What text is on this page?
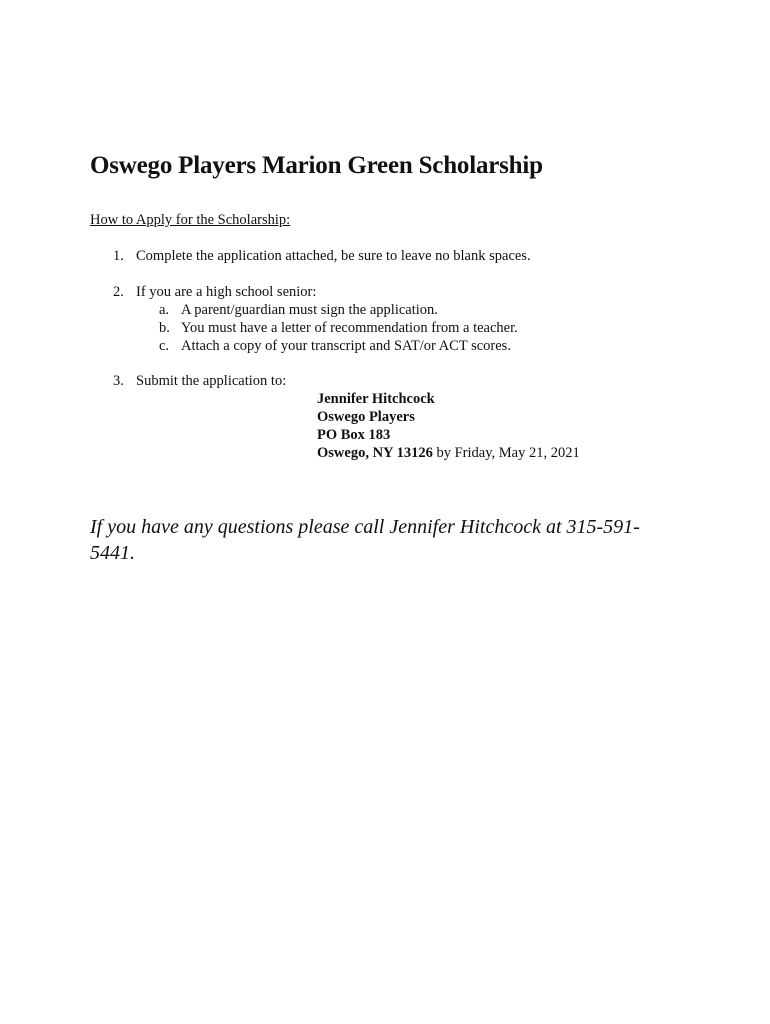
Oswego Players Marion Green Scholarship
How to Apply for the Scholarship:
1. Complete the application attached, be sure to leave no blank spaces.
2. If you are a high school senior:
a. A parent/guardian must sign the application.
b. You must have a letter of recommendation from a teacher.
c. Attach a copy of your transcript and SAT/or ACT scores.
3. Submit the application to:
Jennifer Hitchcock
Oswego Players
PO Box 183
Oswego, NY 13126 by Friday, May 21, 2021
If you have any questions please call Jennifer Hitchcock at 315-591-
5441.
